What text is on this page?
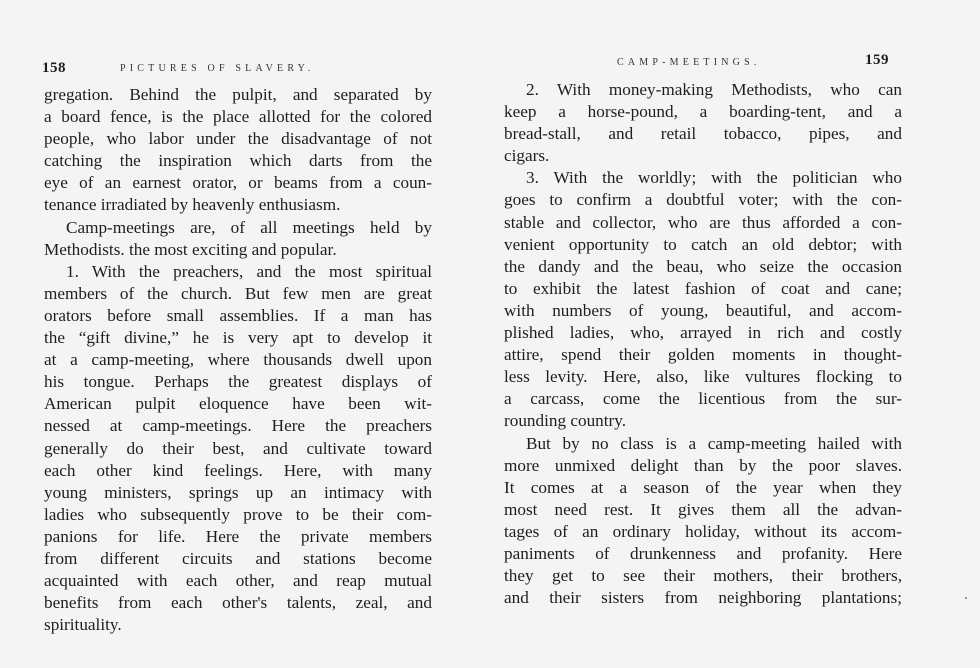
158	PICTURES OF SLAVERY.
gregation. Behind the pulpit, and separated by
a board fence, is the place allotted for the colored
people, who labor under the disadvantage of not
catching the inspiration which darts from the
eye of an earnest orator, or beams from a coun-
tenance irradiated by heavenly enthusiasm.
Camp-meetings are, of all meetings held by
Methodists. the most exciting and popular.
1. With the preachers, and the most spiritual
members of the church. But few men are great
orators before small assemblies. If a man has
the “gift divine,” he is very apt to develop it
at a camp-meeting, where thousands dwell upon
his tongue. Perhaps the greatest displays of
American pulpit eloquence have been wit-
nessed at camp-meetings. Here the preachers
generally do their best, and cultivate toward
each other kind feelings. Here, with many
young ministers, springs up an intimacy with
ladies who subsequently prove to be their com-
panions for life. Here the private members
from different circuits and stations become
acquainted with each other, and reap mutual
benefits from each other's talents, zeal, and
spirituality.
CAMP-MEETINGS.	159
2. With money-making Methodists, who can
keep a horse-pound, a boarding-tent, and a
bread-stall, and retail tobacco, pipes, and
cigars.
3. With the worldly; with the politician who
goes to confirm a doubtful voter; with the con-
stable and collector, who are thus afforded a con-
venient opportunity to catch an old debtor; with
the dandy and the beau, who seize the occasion
to exhibit the latest fashion of coat and cane;
with numbers of young, beautiful, and accom-
plished ladies, who, arrayed in rich and costly
attire, spend their golden moments in thought-
less levity. Here, also, like vultures flocking to
a carcass, come the licentious from the sur-
rounding country.
But by no class is a camp-meeting hailed with
more unmixed delight than by the poor slaves.
It comes at a season of the year when they
most need rest. It gives them all the advan-
tages of an ordinary holiday, without its accom-
paniments of drunkenness and profanity. Here
they get to see their mothers, their brothers,
and their sisters from neighboring plantations;
